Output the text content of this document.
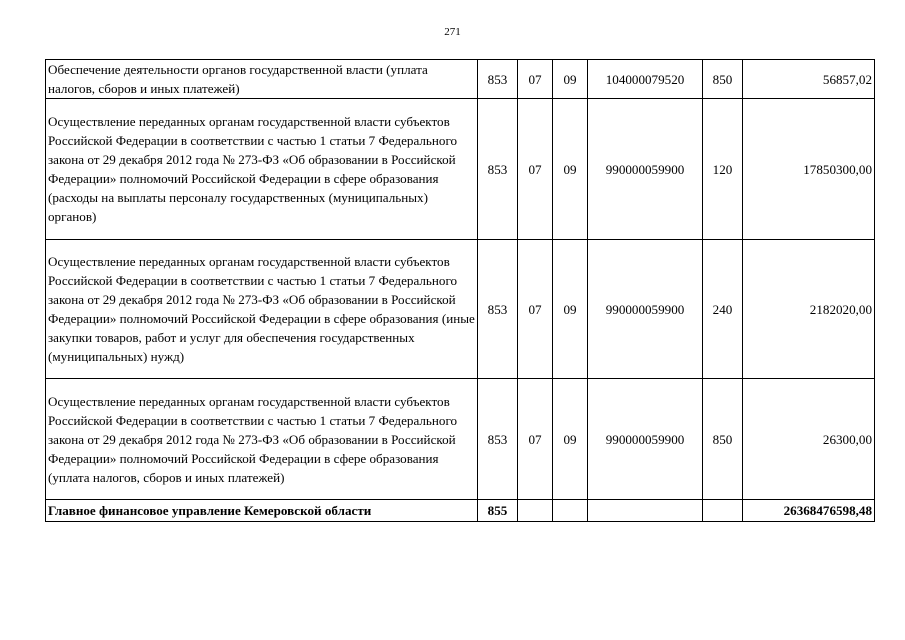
271
Обеспечение деятельности органов государственной власти (уплата налогов, сборов и иных платежей)	853	07	09	104000079520	850	56857,02
Осуществление переданных органам государственной власти субъектов Российской Федерации в соответствии с частью 1 статьи 7 Федерального закона от 29 декабря 2012 года № 273-ФЗ «Об образовании в Российской Федерации» полномочий Российской Федерации в сфере образования (расходы на выплаты персоналу государственных (муниципальных) органов)	853	07	09	990000059900	120	17850300,00
Осуществление переданных органам государственной власти субъектов Российской Федерации в соответствии с частью 1 статьи 7 Федерального закона от 29 декабря 2012 года № 273-ФЗ «Об образовании в Российской Федерации» полномочий Российской Федерации в сфере образования (иные закупки товаров, работ и услуг для обеспечения государственных (муниципальных) нужд)	853	07	09	990000059900	240	2182020,00
Осуществление переданных органам государственной власти субъектов Российской Федерации в соответствии с частью 1 статьи 7 Федерального закона от 29 декабря 2012 года № 273-ФЗ «Об образовании в Российской Федерации» полномочий Российской Федерации в сфере образования (уплата налогов, сборов и иных платежей)	853	07	09	990000059900	850	26300,00
Главное финансовое управление Кемеровской области	855					26368476598,48
